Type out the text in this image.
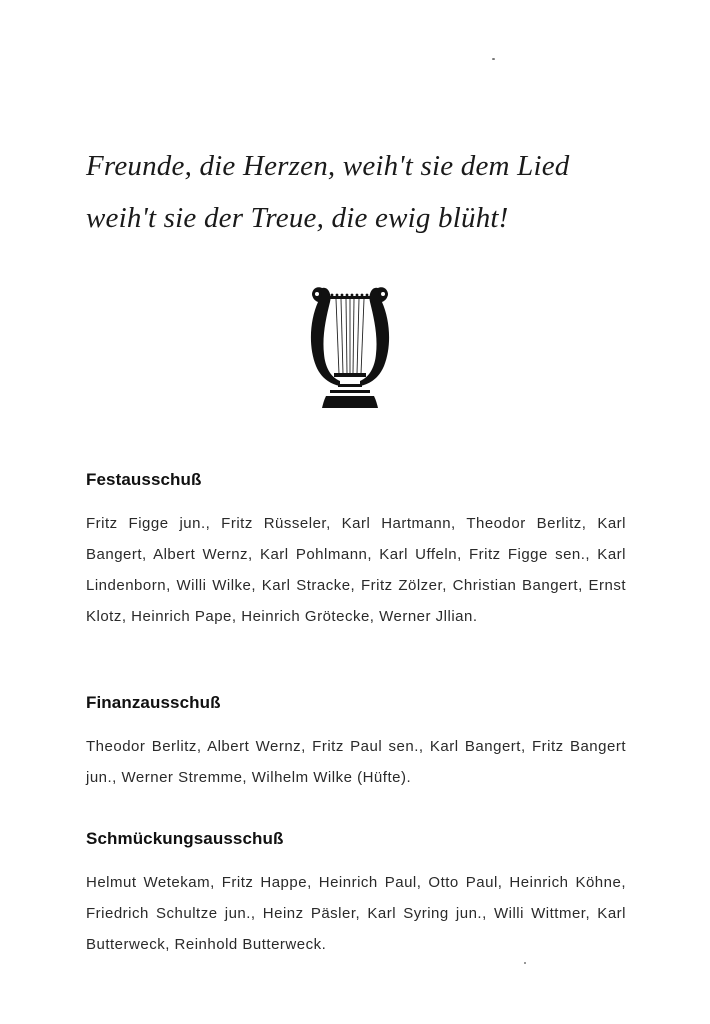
Freunde, die Herzen, weih't sie dem Lied
weih't sie der Treue, die ewig blüht!
Festausschuß

Fritz Figge jun., Fritz Rüsseler, Karl Hartmann, Theodor Berlitz, Karl Bangert, Albert Wernz, Karl Pohlmann, Karl Uffeln, Fritz Figge sen., Karl Lindenborn, Willi Wilke, Karl Stracke, Fritz Zölzer, Christian Bangert, Ernst Klotz, Heinrich Pape, Heinrich Grötecke, Werner Jllian.

Finanzausschuß

Theodor Berlitz, Albert Wernz, Fritz Paul sen., Karl Bangert, Fritz Bangert jun., Werner Stremme, Wilhelm Wilke (Hüfte).

Schmückungsausschuß

Helmut Wetekam, Fritz Happe, Heinrich Paul, Otto Paul, Heinrich Köhne, Friedrich Schultze jun., Heinz Päsler, Karl Syring jun., Willi Wittmer, Karl Butterweck, Reinhold Butterweck.
